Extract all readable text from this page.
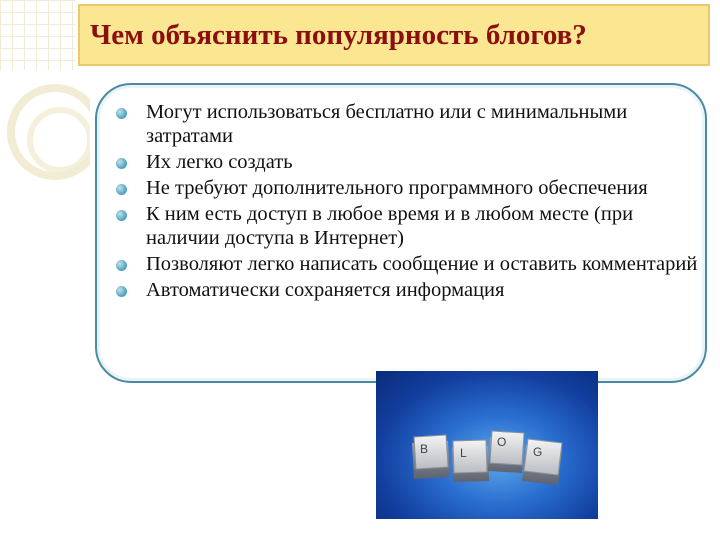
Чем объяснить популярность блогов?
Могут использоваться бесплатно или с минимальными затратами
Их легко создать
Не требуют дополнительного программного обеспечения
К ним есть доступ в любое время и в любом месте (при наличии доступа в Интернет)
Позволяют легко написать сообщение и оставить комментарий
Автоматически сохраняется информация
B	L
O
G
